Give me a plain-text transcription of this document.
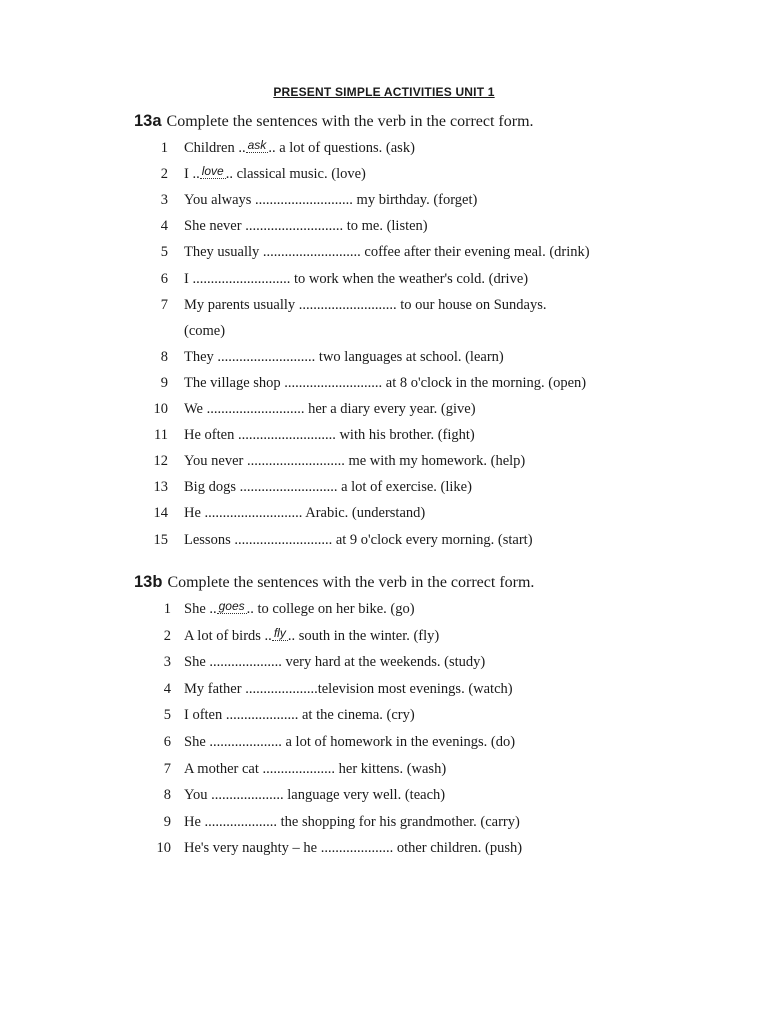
PRESENT SIMPLE ACTIVITIES UNIT 1
13a Complete the sentences with the verb in the correct form.
1 Children .. $^{ask}$ .. a lot of questions. (ask)
2 I .. $^{love}$ .. classical music. (love)
3 You always ........................... my birthday. (forget)
4 She never ........................... to me. (listen)
5 They usually ........................... coffee after their evening meal. (drink)
6 I ........................... to work when the weather's cold. (drive)
7 My parents usually ........................... to our house on Sundays.
(come)
8 They ........................... two languages at school. (learn)
9 The village shop ........................... at 8 o'clock in the morning. (open)
10 We ........................... her a diary every year. (give)
11 He often ........................... with his brother. (fight)
12 You never ........................... me with my homework. (help)
13 Big dogs ........................... a lot of exercise. (like)
14 He ........................... Arabic. (understand)
15 Lessons ........................... at 9 o'clock every morning. (start)
13b Complete the sentences with the verb in the correct form.
1 She .. $^{goes}$ .. to college on her bike. (go)
2 A lot of birds .. $^{fly}$ .. south in the winter. (fly)
3 She .................... very hard at the weekends. (study)
4 My father ....................television most evenings. (watch)
5 I often .................... at the cinema. (cry)
6 She .................... a lot of homework in the evenings. (do)
7 A mother cat .................... her kittens. (wash)
8 You .................... language very well. (teach)
9 He .................... the shopping for his grandmother. (carry)
10 He's very naughty – he .................... other children. (push)
